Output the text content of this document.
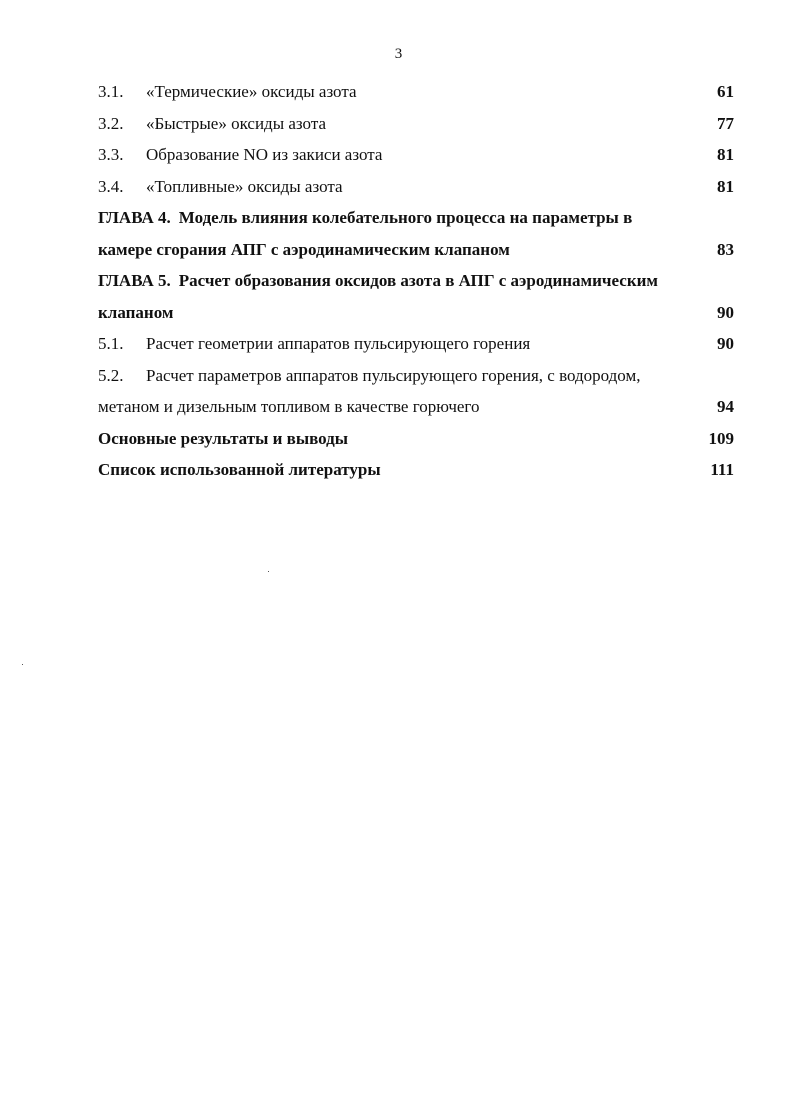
3
3.1. «Термические» оксиды азота	61
3.2. «Быстрые» оксиды азота	77
3.3. Образование NO из закиси азота	81
3.4. «Топливные» оксиды азота	81
ГЛАВА 4. Модель влияния колебательного процесса на параметры в
камере сгорания АПГ с аэродинамическим клапаном	83
ГЛАВА 5. Расчет образования оксидов азота в АПГ с аэродинамическим
клапаном	90
5.1. Расчет геометрии аппаратов пульсирующего горения	90
5.2. Расчет параметров аппаратов пульсирующего горения, с водородом,
метаном и дизельным топливом в качестве горючего	94
Основные результаты и выводы	109
Список использованной литературы	111
